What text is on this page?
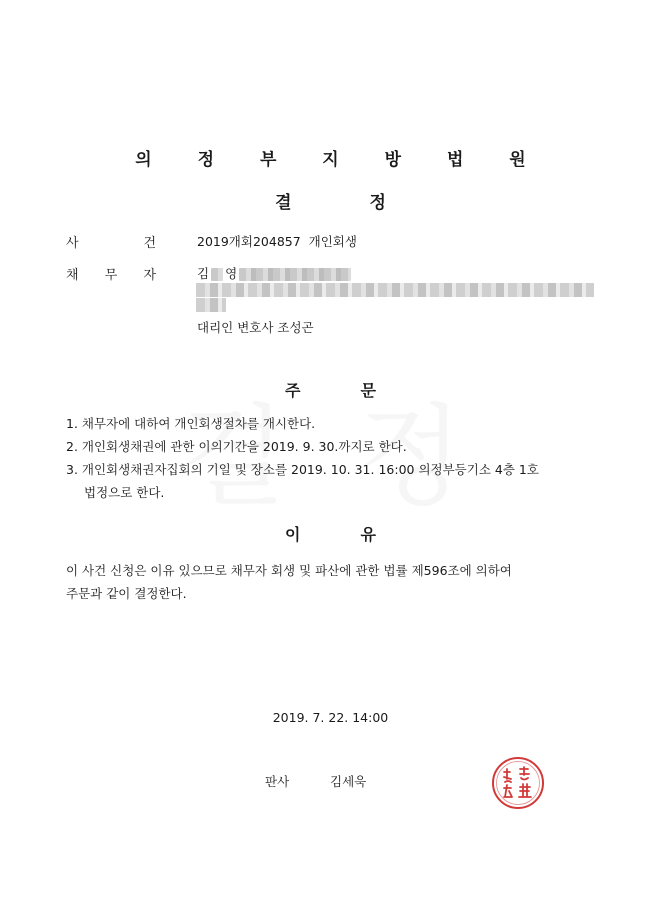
의 정 부 지 방 법 원
결	정
사	건	2019개회204857 개인회생
채 무 자	김 영
대리인 변호사 조성곤
주	문
1. 채무자에 대하여 개인회생절차를 개시한다.
2. 개인회생채권에 관한 이의기간을 2019. 9. 30.까지로 한다.
3. 개인회생채권자집회의 기일 및 장소를 2019. 10. 31. 16:00 의정부등기소 4층 1호
법정으로 한다.
이	유
이 사건 신청은 이유 있으므로 채무자 회생 및 파산에 관한 법률 제596조에 의하여
주문과 같이 결정한다.
2019. 7. 22. 14:00
판사	김세욱
